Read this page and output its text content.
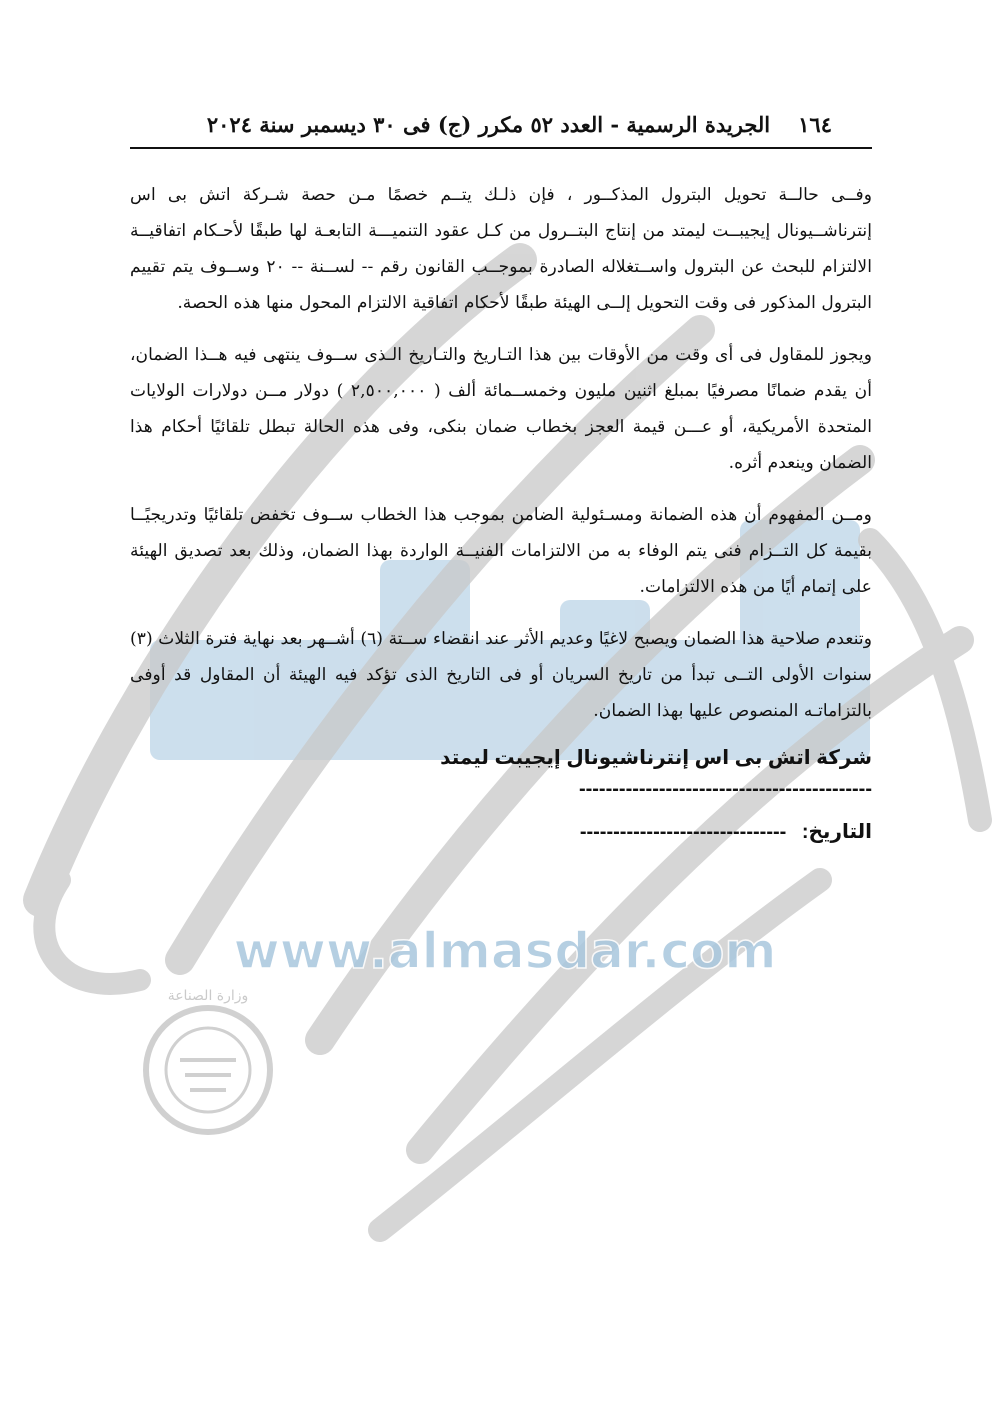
وزارة الصناعة
www.almasdar.com
١٦٤
الجريدة الرسمية - العدد ٥٢ مكرر (ج) فى ٣٠ ديسمبر سنة ٢٠٢٤

وفــى حالــة تحويل البترول المذكــور ، فإن ذلـك يتــم خصمًا مـن حصة شـركة اتش بى اس إنترناشــيونال إيجيبــت ليمتد من إنتاج البتــرول من كـل عقود التنميـــة التابعـة لها طبقًا لأحـكام اتفاقيــة الالتزام للبحث عن البترول واســتغلاله الصادرة بموجــب القانون رقم -- لســنة -- ٢٠ وســوف يتم تقييم البترول المذكور فى وقت التحويل إلــى الهيئة طبقًا لأحكام اتفاقية الالتزام المحول منها هذه الحصة.

ويجوز للمقاول فى أى وقت من الأوقات بين هذا التـاريخ والتـاريخ الـذى ســوف ينتهى فيه هــذا الضمان، أن يقدم ضمانًا مصرفيًا بمبلغ اثنين مليون وخمســمائة ألف ( ٢,٥٠٠,٠٠٠ ) دولار مــن دولارات الولايات المتحدة الأمريكية، أو عـــن قيمة العجز بخطاب ضمان بنكى، وفى هذه الحالة تبطل تلقائيًا أحكام هذا الضمان وينعدم أثره.

ومــن المفهوم أن هذه الضمانة ومسـئولية الضامن بموجب هذا الخطاب ســوف تخفض تلقائيًا وتدريجيًــا بقيمة كل التــزام فنى يتم الوفاء به من الالتزامات الفنيــة الواردة بهذا الضمان، وذلك بعد تصديق الهيئة على إتمام أيًا من هذه الالتزامات.

وتنعدم صلاحية هذا الضمان ويصبح لاغيًا وعديم الأثر عند انقضاء ســتة (٦) أشــهر بعد نهاية فترة الثلاث (٣) سنوات الأولى التــى تبدأ من تاريخ السريان أو فى التاريخ الذى تؤكد فيه الهيئة أن المقاول قد أوفى بالتزاماتـه المنصوص عليها بهذا الضمان.

شركة اتش بى اس إنترناشيونال إيجيبت ليمتد
--------------------------------------------
التاريخ: -------------------------------
